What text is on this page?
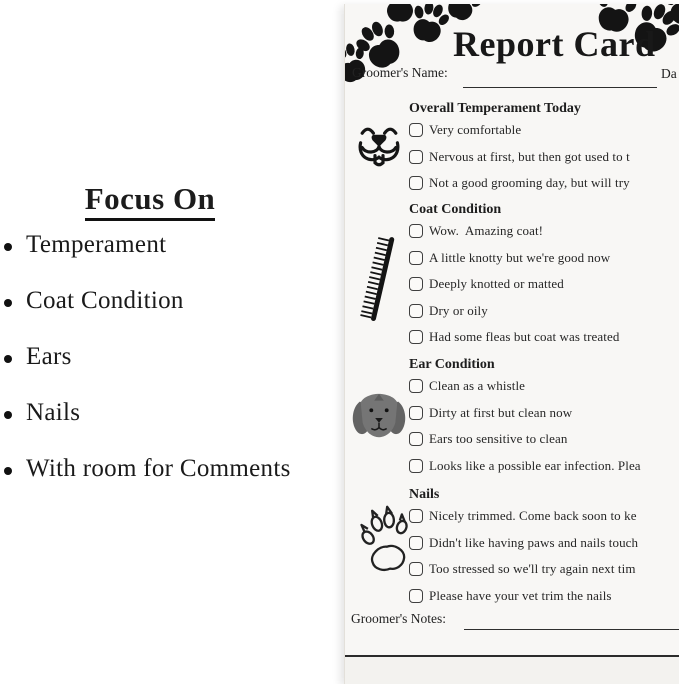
Focus On
Temperament
Coat Condition
Ears
Nails
With room for Comments
Report Card
Groomer's Name:	Da
Overall Temperament Today
Very comfortable
Nervous at first, but then got used to t
Not a good grooming day, but will try
Coat Condition
Wow.  Amazing coat!
A little knotty but we're good now
Deeply knotted or matted
Dry or oily
Had some fleas but coat was treated
Ear Condition
Clean as a whistle
Dirty at first but clean now
Ears too sensitive to clean
Looks like a possible ear infection. Plea
Nails
Nicely trimmed. Come back soon to ke
Didn't like having paws and nails touch
Too stressed so we'll try again next tim
Please have your vet trim the nails
Groomer's Notes:
